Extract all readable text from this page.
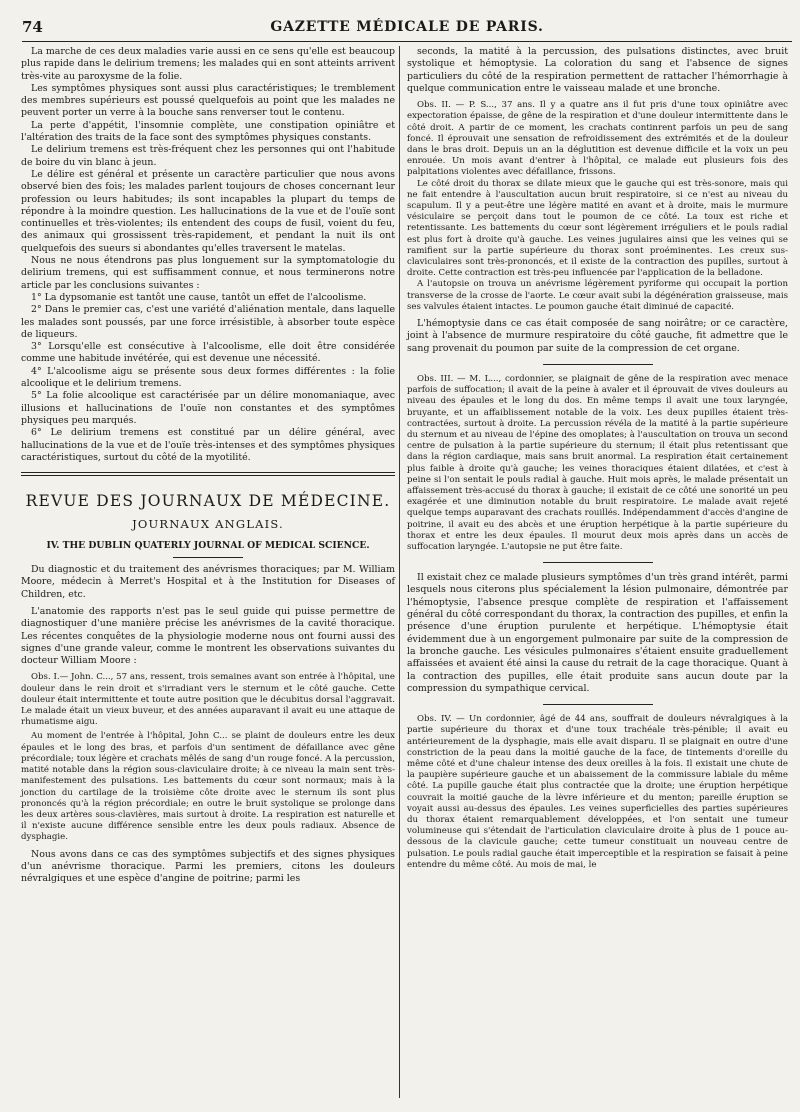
74	GAZETTE MÉDICALE DE PARIS.

La marche de ces deux maladies varie aussi en ce sens qu'elle est beaucoup plus rapide dans le delirium tremens; les malades qui en sont atteints arrivent très-vite au paroxysme de la folie.

Les symptômes physiques sont aussi plus caractéristiques; le tremblement des membres supérieurs est poussé quelquefois au point que les malades ne peuvent porter un verre à la bouche sans renverser tout le contenu.

La perte d'appétit, l'insomnie complète, une constipation opiniâtre et l'altération des traits de la face sont des symptômes physiques constants.

Le delirium tremens est très-fréquent chez les personnes qui ont l'habitude de boire du vin blanc à jeun.

Le délire est général et présente un caractère particulier que nous avons observé bien des fois; les malades parlent toujours de choses concernant leur profession ou leurs habitudes; ils sont incapables la plupart du temps de répondre à la moindre question. Les hallucinations de la vue et de l'ouïe sont continuelles et très-violentes; ils entendent des coups de fusil, voient du feu, des animaux qui grossissent très-rapidement, et pendant la nuit ils ont quelquefois des sueurs si abondantes qu'elles traversent le matelas.

Nous ne nous étendrons pas plus longuement sur la symptomatologie du delirium tremens, qui est suffisamment connue, et nous terminerons notre article par les conclusions suivantes :

1° La dypsomanie est tantôt une cause, tantôt un effet de l'alcoolisme.

2° Dans le premier cas, c'est une variété d'aliénation mentale, dans laquelle les malades sont poussés, par une force irrésistible, à absorber toute espèce de liqueurs.

3° Lorsqu'elle est consécutive à l'alcoolisme, elle doit être considérée comme une habitude invétérée, qui est devenue une nécessité.

4° L'alcoolisme aigu se présente sous deux formes différentes : la folie alcoolique et le delirium tremens.

5° La folie alcoolique est caractérisée par un délire monomaniaque, avec illusions et hallucinations de l'ouïe non constantes et des symptômes physiques peu marqués.

6° Le delirium tremens est constitué par un délire général, avec hallucinations de la vue et de l'ouïe très-intenses et des symptômes physiques caractéristiques, surtout du côté de la myotilité.

REVUE DES JOURNAUX DE MÉDECINE.
JOURNAUX ANGLAIS.
IV. THE DUBLIN QUATERLY JOURNAL OF MEDICAL SCIENCE.

Du diagnostic et du traitement des anévrismes thoraciques; par M. William Moore, médecin à Merret's Hospital et à the Institution for Diseases of Children, etc.

L'anatomie des rapports n'est pas le seul guide qui puisse permettre de diagnostiquer d'une manière précise les anévrismes de la cavité thoracique. Les récentes conquêtes de la physiologie moderne nous ont fourni aussi des signes d'une grande valeur, comme le montrent les observations suivantes du docteur William Moore :

Obs. I.— John. C..., 57 ans, ressent, trois semaines avant son entrée à l'hôpital, une douleur dans le rein droit et s'irradiant vers le sternum et le côté gauche. Cette douleur était intermittente et toute autre position que le décubitus dorsal l'aggravait. Le malade était un vieux buveur, et des années auparavant il avait eu une attaque de rhumatisme aigu.

Au moment de l'entrée à l'hôpital, John C... se plaint de douleurs entre les deux épaules et le long des bras, et parfois d'un sentiment de défaillance avec gêne précordiale; toux légère et crachats mêlés de sang d'un rouge foncé. A la percussion, matité notable dans la région sous-claviculaire droite; à ce niveau la main sent très-manifestement des pulsations. Les battements du cœur sont normaux; mais à la jonction du cartilage de la troisième côte droite avec le sternum ils sont plus prononcés qu'à la région précordiale; en outre le bruit systolique se prolonge dans les deux artères sous-clavières, mais surtout à droite. La respiration est naturelle et il n'existe aucune différence sensible entre les deux pouls radiaux. Absence de dysphagie.

Nous avons dans ce cas des symptômes subjectifs et des signes physiques d'un anévrisme thoracique. Parmi les premiers, citons les douleurs névralgiques et une espèce d'angine de poitrine; parmi les

seconds, la matité à la percussion, des pulsations distinctes, avec bruit systolique et hémoptysie. La coloration du sang et l'absence de signes particuliers du côté de la respiration permettent de rattacher l'hémorrhagie à quelque communication entre le vaisseau malade et une bronche.

Obs. II. — P. S..., 37 ans. Il y a quatre ans il fut pris d'une toux opiniâtre avec expectoration épaisse, de gêne de la respiration et d'une douleur intermittente dans le côté droit. A partir de ce moment, les crachats continrent parfois un peu de sang foncé. Il éprouvait une sensation de refroidissement des extrémités et de la douleur dans le bras droit. Depuis un an la déglutition est devenue difficile et la voix un peu enrouée. Un mois avant d'entrer à l'hôpital, ce malade eut plusieurs fois des palpitations violentes avec défaillance, frissons.

Le côté droit du thorax se dilate mieux que le gauche qui est très-sonore, mais qui ne fait entendre à l'auscultation aucun bruit respiratoire, si ce n'est au niveau du scapulum. Il y a peut-être une légère matité en avant et à droite, mais le murmure vésiculaire se perçoit dans tout le poumon de ce côté. La toux est riche et retentissante. Les battements du cœur sont légèrement irréguliers et le pouls radial est plus fort à droite qu'à gauche. Les veines jugulaires ainsi que les veines qui se ramifient sur la partie supérieure du thorax sont proéminentes. Les creux sus-claviculaires sont très-prononcés, et il existe de la contraction des pupilles, surtout à droite. Cette contraction est très-peu influencée par l'application de la belladone.

A l'autopsie on trouva un anévrisme légèrement pyriforme qui occupait la portion transverse de la crosse de l'aorte. Le cœur avait subi la dégénération graisseuse, mais ses valvules étaient intactes. Le poumon gauche était diminué de capacité.

L'hémoptysie dans ce cas était composée de sang noirâtre; or ce caractère, joint à l'absence de murmure respiratoire du côté gauche, fit admettre que le sang provenait du poumon par suite de la compression de cet organe.

Obs. III. — M. L..., cordonnier, se plaignait de gêne de la respiration avec menace parfois de suffocation; il avait de la peine à avaler et il éprouvait de vives douleurs au niveau des épaules et le long du dos. En même temps il avait une toux laryngée, bruyante, et un affaiblissement notable de la voix. Les deux pupilles étaient très-contractées, surtout à droite. La percussion révéla de la matité à la partie supérieure du sternum et au niveau de l'épine des omoplates; à l'auscultation on trouva un second centre de pulsation à la partie supérieure du sternum; il était plus retentissant que dans la région cardiaque, mais sans bruit anormal. La respiration était certainement plus faible à droite qu'à gauche; les veines thoraciques étaient dilatées, et c'est à peine si l'on sentait le pouls radial à gauche. Huit mois après, le malade présentait un affaissement très-accusé du thorax à gauche; il existait de ce côté une sonorité un peu exagérée et une diminution notable du bruit respiratoire. Le malade avait rejeté quelque temps auparavant des crachats rouillés. Indépendamment d'accès d'angine de poitrine, il avait eu des abcès et une éruption herpétique à la partie supérieure du thorax et entre les deux épaules. Il mourut deux mois après dans un accès de suffocation laryngée. L'autopsie ne put être faite.

Il existait chez ce malade plusieurs symptômes d'un très grand intérêt, parmi lesquels nous citerons plus spécialement la lésion pulmonaire, démontrée par l'hémoptysie, l'absence presque complète de respiration et l'affaissement général du côté correspondant du thorax, la contraction des pupilles, et enfin la présence d'une éruption purulente et herpétique. L'hémoptysie était évidemment due à un engorgement pulmonaire par suite de la compression de la bronche gauche. Les vésicules pulmonaires s'étaient ensuite graduellement affaissées et avaient été ainsi la cause du retrait de la cage thoracique. Quant à la contraction des pupilles, elle était produite sans aucun doute par la compression du sympathique cervical.

Obs. IV. — Un cordonnier, âgé de 44 ans, souffrait de douleurs névralgiques à la partie supérieure du thorax et d'une toux trachéale très-pénible; il avait eu antérieurement de la dysphagie, mais elle avait disparu. Il se plaignait en outre d'une constriction de la peau dans la moitié gauche de la face, de tintements d'oreille du même côté et d'une chaleur intense des deux oreilles à la fois. Il existait une chute de la paupière supérieure gauche et un abaissement de la commissure labiale du même côté. La pupille gauche était plus contractée que la droite; une éruption herpétique couvrait la moitié gauche de la lèvre inférieure et du menton; pareille éruption se voyait aussi au-dessus des épaules. Les veines superficielles des parties supérieures du thorax étaient remarquablement développées, et l'on sentait une tumeur volumineuse qui s'étendait de l'articulation claviculaire droite à plus de 1 pouce au-dessous de la clavicule gauche; cette tumeur constituait un nouveau centre de pulsation. Le pouls radial gauche était imperceptible et la respiration se faisait à peine entendre du même côté. Au mois de mai, le
